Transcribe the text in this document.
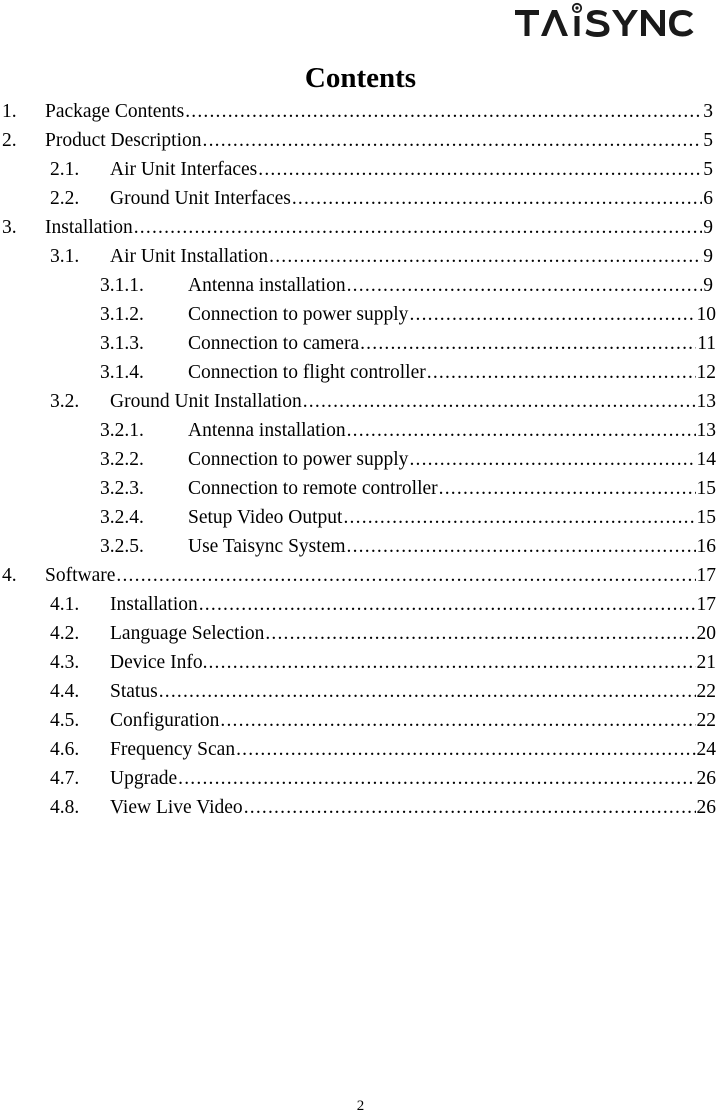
Contents
1. Package Contents .....	3
2. Product Description .....	5
2.1. Air Unit Interfaces .....	5
2.2. Ground Unit Interfaces .....	6
3. Installation .....	9
3.1. Air Unit Installation .....	9
3.1.1. Antenna installation .....	9
3.1.2. Connection to power supply .....	10
3.1.3. Connection to camera .....	11
3.1.4. Connection to flight controller .....	12
3.2. Ground Unit Installation .....	13
3.2.1. Antenna installation .....	13
3.2.2. Connection to power supply .....	14
3.2.3. Connection to remote controller .....	15
3.2.4. Setup Video Output .....	15
3.2.5. Use Taisync System .....	16
4. Software .....	17
4.1. Installation .....	17
4.2. Language Selection .....	20
4.3. Device Info. .....	21
4.4. Status .....	22
4.5. Configuration .....	22
4.6. Frequency Scan .....	24
4.7. Upgrade .....	26
4.8. View Live Video .....	26
2
